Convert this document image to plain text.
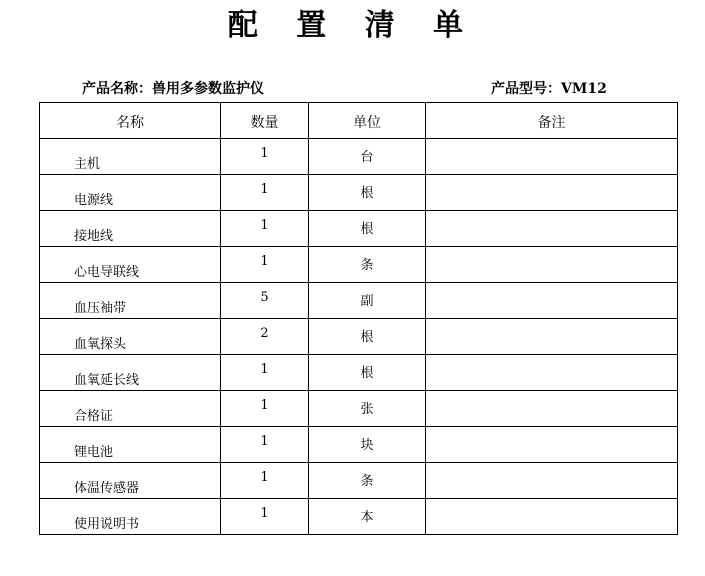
配 置 清 单
产品名称：兽用多参数监护仪	产品型号：VM12
名称	数量	单位	备注
主机	1	台	
电源线	1	根	
接地线	1	根	
心电导联线	1	条	
血压袖带	5	副	
血氧探头	2	根	
血氧延长线	1	根	
合格证	1	张	
锂电池	1	块	
体温传感器	1	条	
使用说明书	1	本	
